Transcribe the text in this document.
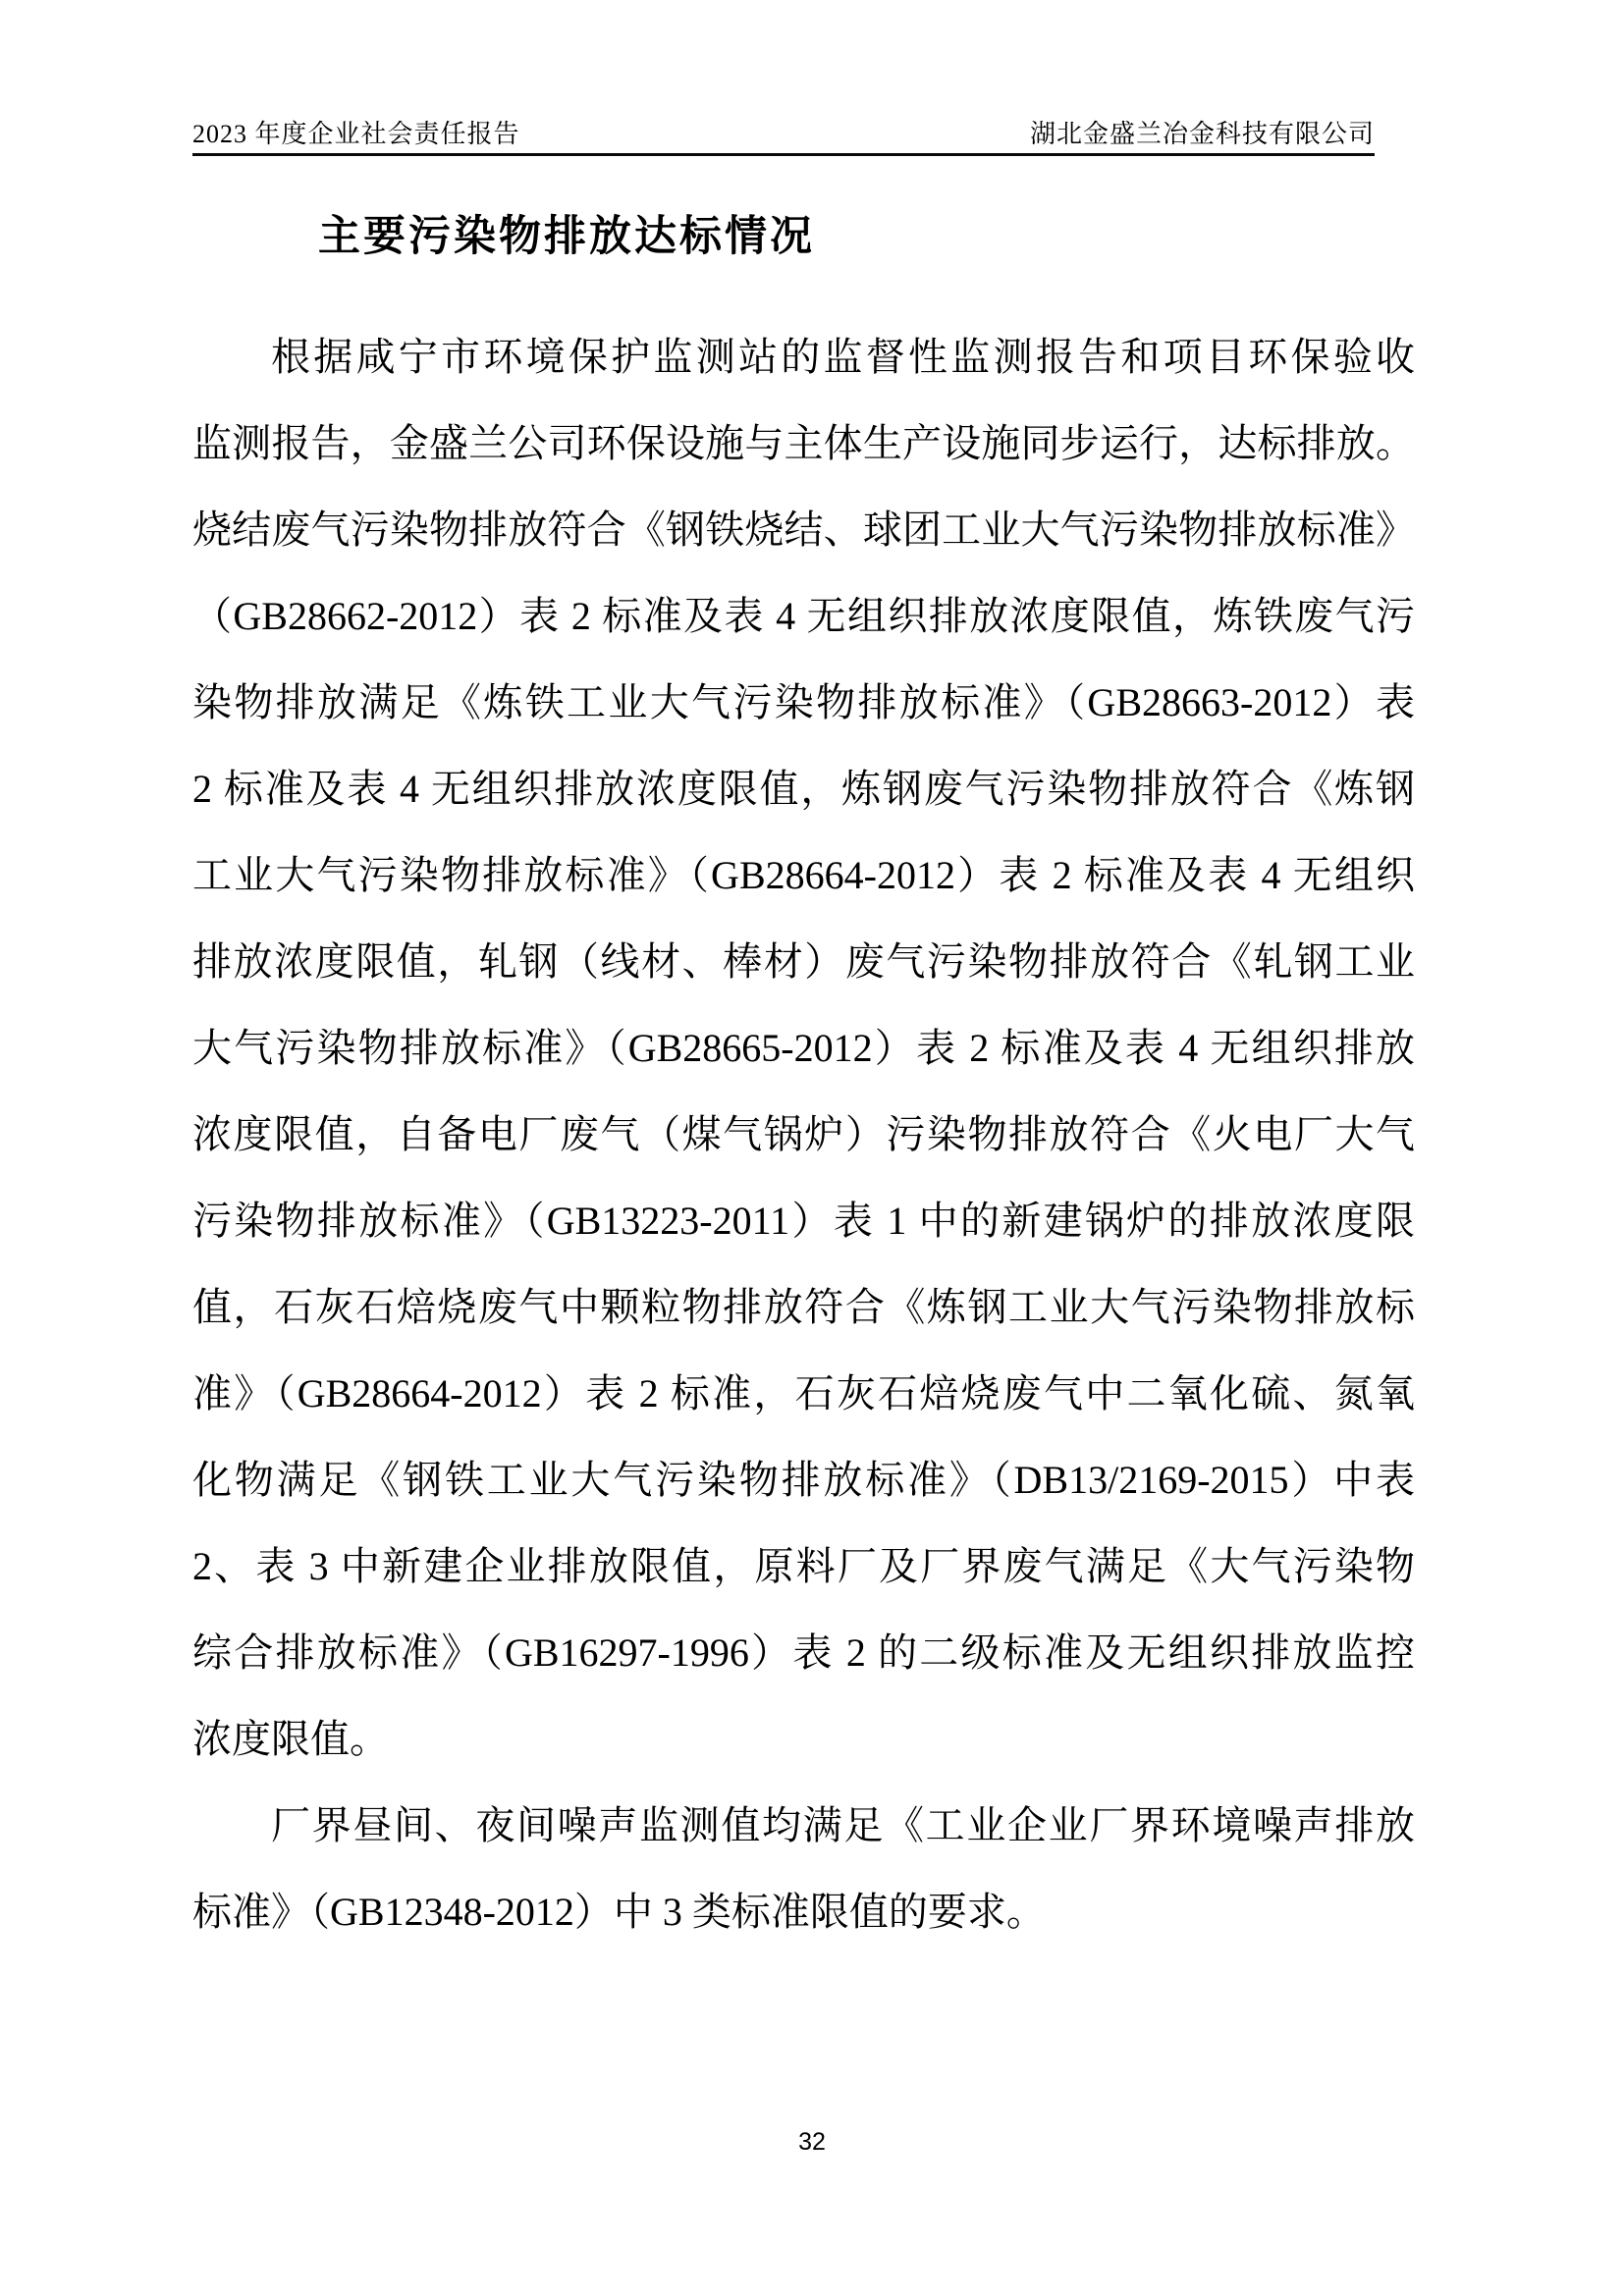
2023 年度企业社会责任报告	湖北金盛兰冶金科技有限公司
主要污染物排放达标情况
根据咸宁市环境保护监测站的监督性监测报告和项目环保验收
监测报告，金盛兰公司环保设施与主体生产设施同步运行，达标排放。
烧结废气污染物排放符合《钢铁烧结、球团工业大气污染物排放标准》
（GB28662-2012）表 2 标准及表 4 无组织排放浓度限值，炼铁废气污
染物排放满足《炼铁工业大气污染物排放标准》（GB28663-2012）表
2 标准及表 4 无组织排放浓度限值，炼钢废气污染物排放符合《炼钢
工业大气污染物排放标准》（GB28664-2012）表 2 标准及表 4 无组织
排放浓度限值，轧钢（线材、棒材）废气污染物排放符合《轧钢工业
大气污染物排放标准》（GB28665-2012）表 2 标准及表 4 无组织排放
浓度限值，自备电厂废气（煤气锅炉）污染物排放符合《火电厂大气
污染物排放标准》（GB13223-2011）表 1 中的新建锅炉的排放浓度限
值，石灰石焙烧废气中颗粒物排放符合《炼钢工业大气污染物排放标
准》（GB28664-2012）表 2 标准，石灰石焙烧废气中二氧化硫、氮氧
化物满足《钢铁工业大气污染物排放标准》（DB13/2169-2015）中表
2、表 3 中新建企业排放限值，原料厂及厂界废气满足《大气污染物
综合排放标准》（GB16297-1996）表 2 的二级标准及无组织排放监控
浓度限值。
厂界昼间、夜间噪声监测值均满足《工业企业厂界环境噪声排放
标准》（GB12348-2012）中 3 类标准限值的要求。
32
